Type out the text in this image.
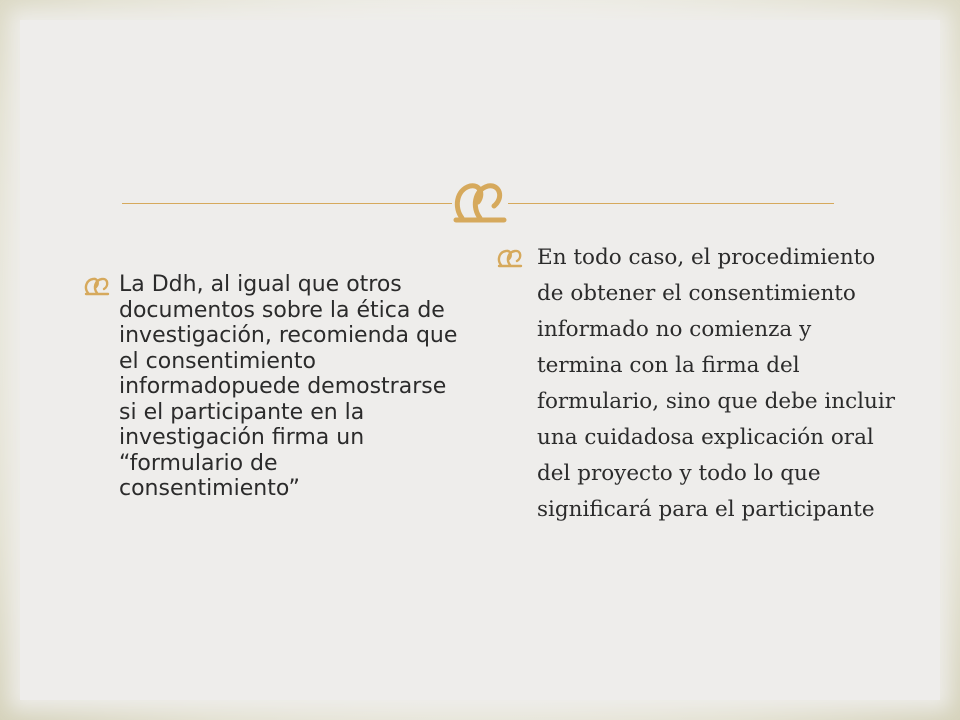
La Ddh, al igual que otros documentos sobre la ética de investigación, recomienda que el consentimiento informadopuede demostrarse si el participante en la investigación firma un “formulario de consentimiento”
En todo caso, el procedimiento de obtener el consentimiento informado no comienza y termina con la firma del formulario, sino que debe incluir una cuidadosa explicación oral del proyecto y todo lo que significará para el participante
